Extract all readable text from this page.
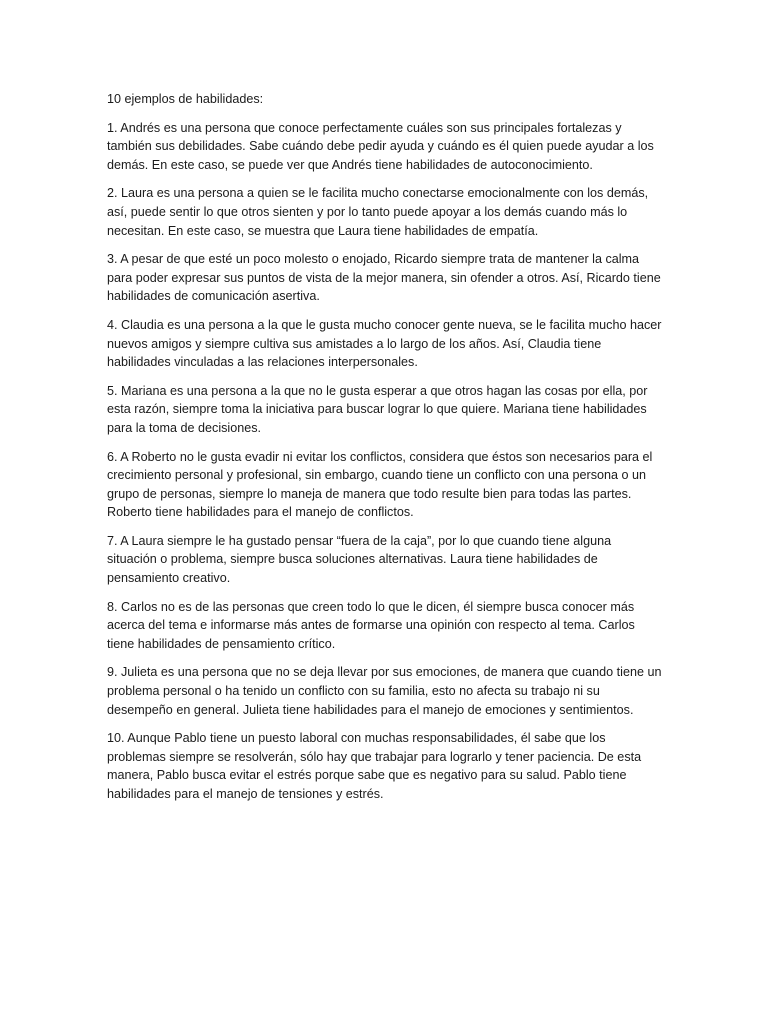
10 ejemplos de habilidades:

1. Andrés es una persona que conoce perfectamente cuáles son sus principales fortalezas y también sus debilidades. Sabe cuándo debe pedir ayuda y cuándo es él quien puede ayudar a los demás. En este caso, se puede ver que Andrés tiene habilidades de autoconocimiento.

2. Laura es una persona a quien se le facilita mucho conectarse emocionalmente con los demás, así, puede sentir lo que otros sienten y por lo tanto puede apoyar a los demás cuando más lo necesitan. En este caso, se muestra que Laura tiene habilidades de empatía.

3. A pesar de que esté un poco molesto o enojado, Ricardo siempre trata de mantener la calma para poder expresar sus puntos de vista de la mejor manera, sin ofender a otros. Así, Ricardo tiene habilidades de comunicación asertiva.

4. Claudia es una persona a la que le gusta mucho conocer gente nueva, se le facilita mucho hacer nuevos amigos y siempre cultiva sus amistades a lo largo de los años. Así, Claudia tiene habilidades vinculadas a las relaciones interpersonales.

5. Mariana es una persona a la que no le gusta esperar a que otros hagan las cosas por ella, por esta razón, siempre toma la iniciativa para buscar lograr lo que quiere. Mariana tiene habilidades para la toma de decisiones.

6. A Roberto no le gusta evadir ni evitar los conflictos, considera que éstos son necesarios para el crecimiento personal y profesional, sin embargo, cuando tiene un conflicto con una persona o un grupo de personas, siempre lo maneja de manera que todo resulte bien para todas las partes. Roberto tiene habilidades para el manejo de conflictos.

7. A Laura siempre le ha gustado pensar “fuera de la caja”, por lo que cuando tiene alguna situación o problema, siempre busca soluciones alternativas. Laura tiene habilidades de pensamiento creativo.

8. Carlos no es de las personas que creen todo lo que le dicen, él siempre busca conocer más acerca del tema e informarse más antes de formarse una opinión con respecto al tema. Carlos tiene habilidades de pensamiento crítico.

9. Julieta es una persona que no se deja llevar por sus emociones, de manera que cuando tiene un problema personal o ha tenido un conflicto con su familia, esto no afecta su trabajo ni su desempeño en general. Julieta tiene habilidades para el manejo de emociones y sentimientos.

10. Aunque Pablo tiene un puesto laboral con muchas responsabilidades, él sabe que los problemas siempre se resolverán, sólo hay que trabajar para lograrlo y tener paciencia. De esta manera, Pablo busca evitar el estrés porque sabe que es negativo para su salud. Pablo tiene habilidades para el manejo de tensiones y estrés.
